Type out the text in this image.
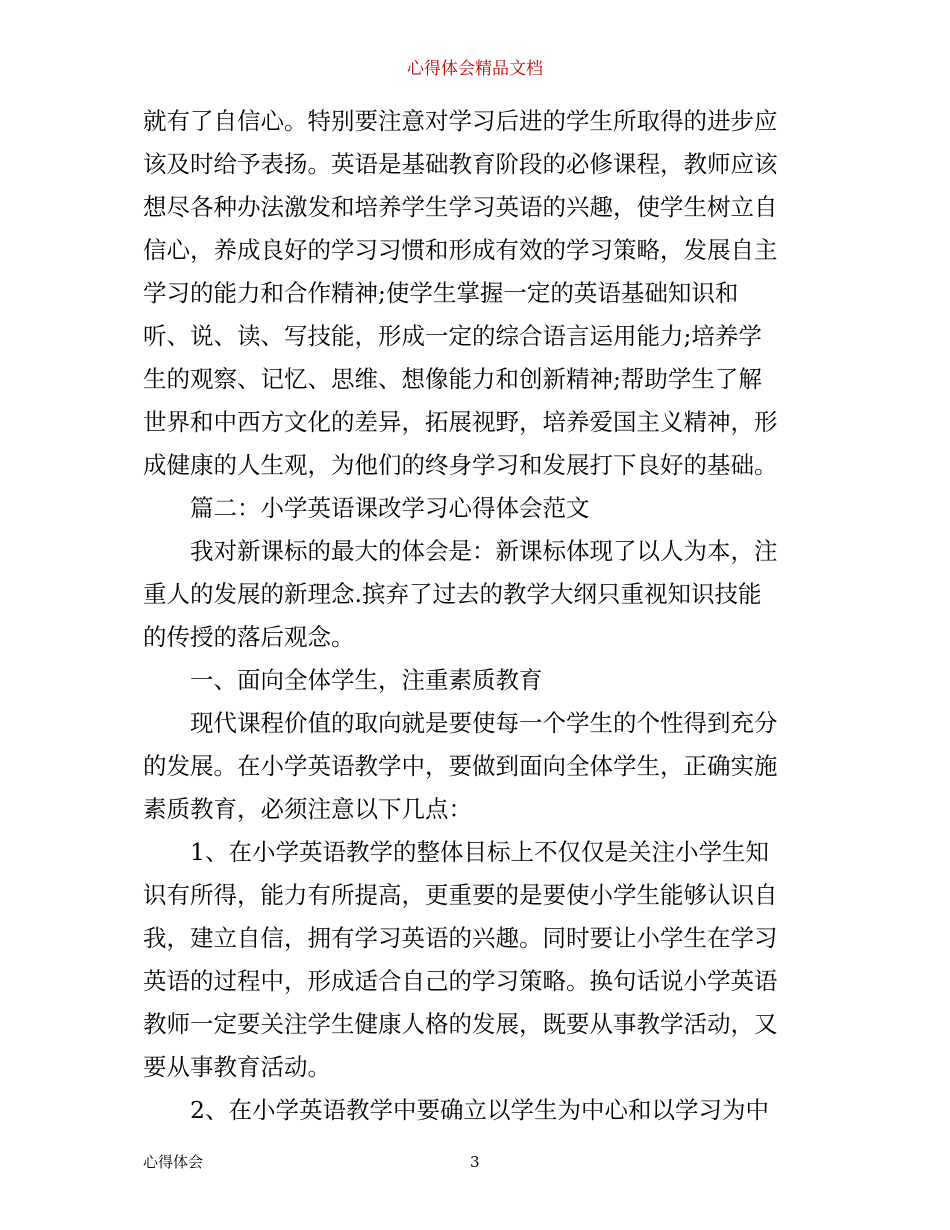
心得体会精品文档
就有了自信心。特别要注意对学习后进的学生所取得的进步应
该及时给予表扬。英语是基础教育阶段的必修课程，教师应该
想尽各种办法激发和培养学生学习英语的兴趣，使学生树立自
信心，养成良好的学习习惯和形成有效的学习策略，发展自主
学习的能力和合作精神;使学生掌握一定的英语基础知识和
听、说、读、写技能，形成一定的综合语言运用能力;培养学
生的观察、记忆、思维、想像能力和创新精神;帮助学生了解
世界和中西方文化的差异，拓展视野，培养爱国主义精神，形
成健康的人生观，为他们的终身学习和发展打下良好的基础。
篇二：小学英语课改学习心得体会范文
我对新课标的最大的体会是：新课标体现了以人为本，注
重人的发展的新理念.摈弃了过去的教学大纲只重视知识技能
的传授的落后观念。
一、面向全体学生，注重素质教育
现代课程价值的取向就是要使每一个学生的个性得到充分
的发展。在小学英语教学中，要做到面向全体学生，正确实施
素质教育，必须注意以下几点：
1、在小学英语教学的整体目标上不仅仅是关注小学生知
识有所得，能力有所提高，更重要的是要使小学生能够认识自
我，建立自信，拥有学习英语的兴趣。同时要让小学生在学习
英语的过程中，形成适合自己的学习策略。换句话说小学英语
教师一定要关注学生健康人格的发展，既要从事教学活动，又
要从事教育活动。
2、在小学英语教学中要确立以学生为中心和以学习为中
心得体会	3
